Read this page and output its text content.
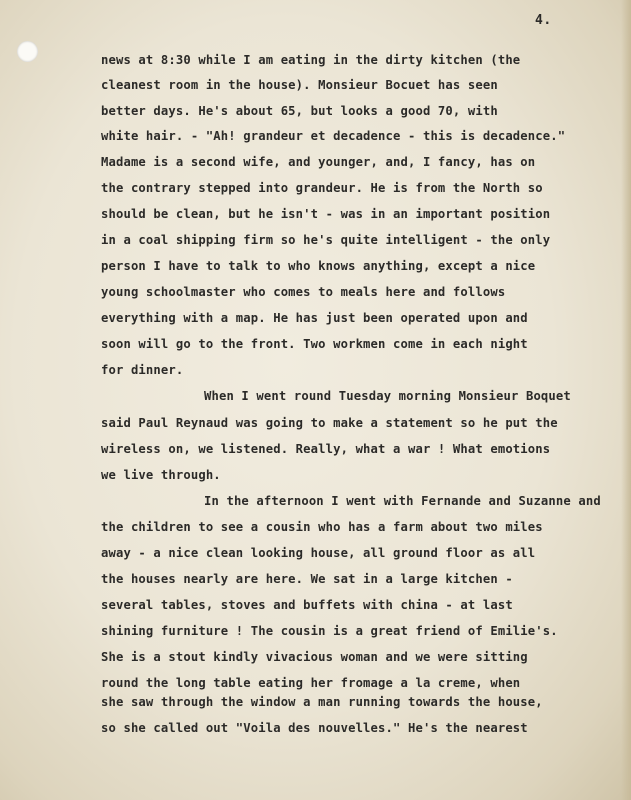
4.
news at 8:30 while I am eating in the dirty kitchen (the
cleanest room in the house). Monsieur Bocuet has seen
better days. He's about 65, but looks a good 70, with
white hair. - "Ah! grandeur et decadence - this is decadence."
Madame is a second wife, and younger, and, I fancy, has on
the contrary stepped into grandeur. He is from the North so
should be clean, but he isn't - was in an important position
in a coal shipping firm so he's quite intelligent - the only
person I have to talk to who knows anything, except a nice
young schoolmaster who comes to meals here and follows
everything with a map. He has just been operated upon and
soon will go to the front. Two workmen come in each night
for dinner.
When I went round Tuesday morning Monsieur Boquet
said Paul Reynaud was going to make a statement so he put the
wireless on, we listened. Really, what a war ! What emotions
we live through.
In the afternoon I went with Fernande and Suzanne and
the children to see a cousin who has a farm about two miles
away - a nice clean looking house, all ground floor as all
the houses nearly are here. We sat in a large kitchen -
several tables, stoves and buffets with china - at last
shining furniture ! The cousin is a great friend of Emilie's.
She is a stout kindly vivacious woman and we were sitting
round the long table eating her fromage a la creme, when
she saw through the window a man running towards the house,
so she called out "Voila des nouvelles." He's the nearest
